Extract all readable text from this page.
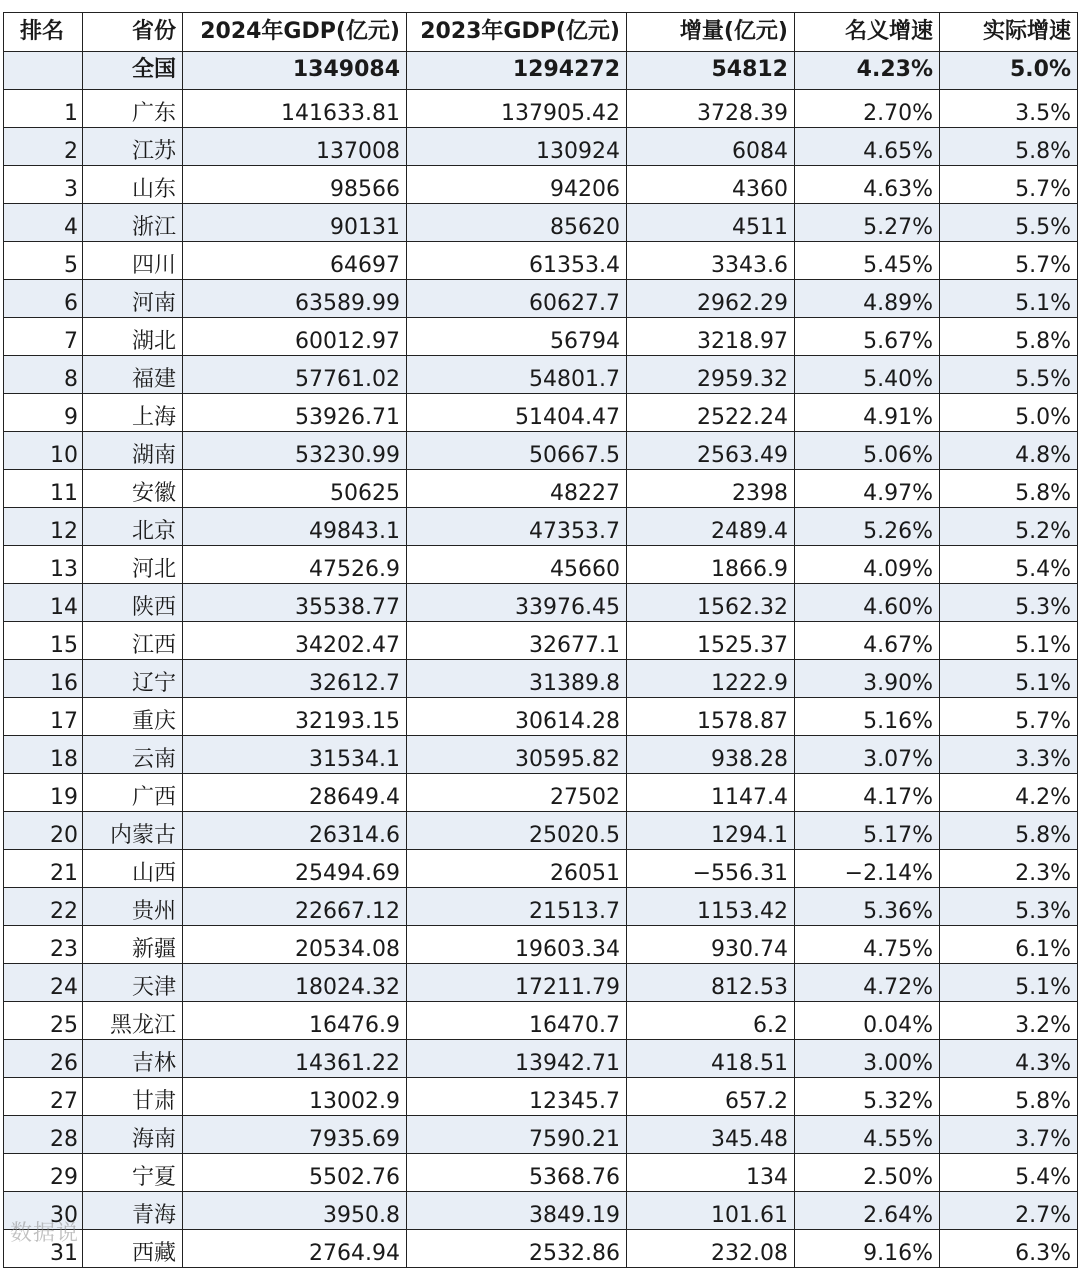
排名	省份	2024年GDP(亿元)	2023年GDP(亿元)	增量(亿元)	名义增速	实际增速
	全国	1349084	1294272	54812	4.23%	5.0%
1	广东	141633.81	137905.42	3728.39	2.70%	3.5%
2	江苏	137008	130924	6084	4.65%	5.8%
3	山东	98566	94206	4360	4.63%	5.7%
4	浙江	90131	85620	4511	5.27%	5.5%
5	四川	64697	61353.4	3343.6	5.45%	5.7%
6	河南	63589.99	60627.7	2962.29	4.89%	5.1%
7	湖北	60012.97	56794	3218.97	5.67%	5.8%
8	福建	57761.02	54801.7	2959.32	5.40%	5.5%
9	上海	53926.71	51404.47	2522.24	4.91%	5.0%
10	湖南	53230.99	50667.5	2563.49	5.06%	4.8%
11	安徽	50625	48227	2398	4.97%	5.8%
12	北京	49843.1	47353.7	2489.4	5.26%	5.2%
13	河北	47526.9	45660	1866.9	4.09%	5.4%
14	陕西	35538.77	33976.45	1562.32	4.60%	5.3%
15	江西	34202.47	32677.1	1525.37	4.67%	5.1%
16	辽宁	32612.7	31389.8	1222.9	3.90%	5.1%
17	重庆	32193.15	30614.28	1578.87	5.16%	5.7%
18	云南	31534.1	30595.82	938.28	3.07%	3.3%
19	广西	28649.4	27502	1147.4	4.17%	4.2%
20	内蒙古	26314.6	25020.5	1294.1	5.17%	5.8%
21	山西	25494.69	26051	−556.31	−2.14%	2.3%
22	贵州	22667.12	21513.7	1153.42	5.36%	5.3%
23	新疆	20534.08	19603.34	930.74	4.75%	6.1%
24	天津	18024.32	17211.79	812.53	4.72%	5.1%
25	黑龙江	16476.9	16470.7	6.2	0.04%	3.2%
26	吉林	14361.22	13942.71	418.51	3.00%	4.3%
27	甘肃	13002.9	12345.7	657.2	5.32%	5.8%
28	海南	7935.69	7590.21	345.48	4.55%	3.7%
29	宁夏	5502.76	5368.76	134	2.50%	5.4%
30	青海	3950.8	3849.19	101.61	2.64%	2.7%
31	西藏	2764.94	2532.86	232.08	9.16%	6.3%
数据说
